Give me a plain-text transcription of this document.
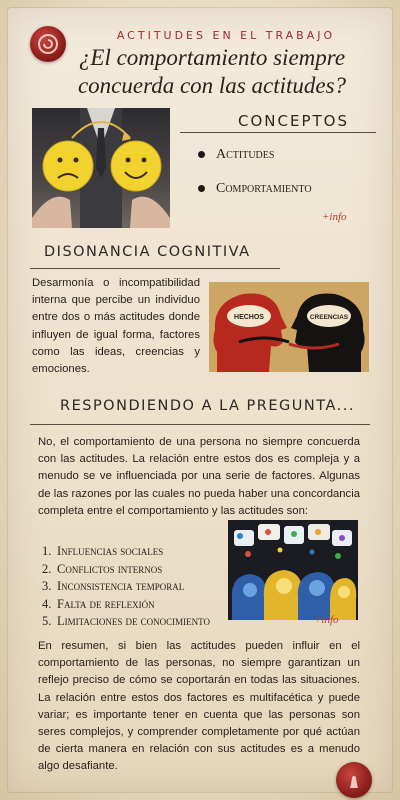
ACTITUDES EN EL TRABAJO
¿El comportamiento siempre
concuerda con las actitudes?
CONCEPTOS
Actitudes
Comportamiento
+info
DISONANCIA COGNITIVA
Desarmonía o incompatibilidad interna que percibe un individuo entre dos o más actitudes donde influyen de igual forma, factores como las ideas, creencias y emociones.
HECHOS	CREENCIAS
RESPONDIENDO A LA PREGUNTA...
No, el comportamiento de una persona no siempre concuerda con las actitudes. La relación entre estos dos es compleja y a menudo se ve influenciada por una serie de factores. Algunas de las razones por las cuales no pueda haber una concordancia completa entre el comportamiento y las actitudes son:
1. Influencias sociales
2. Conflictos internos
3. Inconsistencia temporal
4. Falta de reflexión
5. Limitaciones de conocimiento	+info
En resumen, si bien las actitudes pueden influir en el comportamiento de las personas, no siempre garantizan un reflejo preciso de cómo se coportarán en todas las situaciones. La relación entre estos dos factores es multifacética y puede variar; es importante tener en cuenta que las personas son seres complejos, y comprender completamente por qué actúan de cierta manera en relación con sus actitudes es a menudo algo desafiante.
